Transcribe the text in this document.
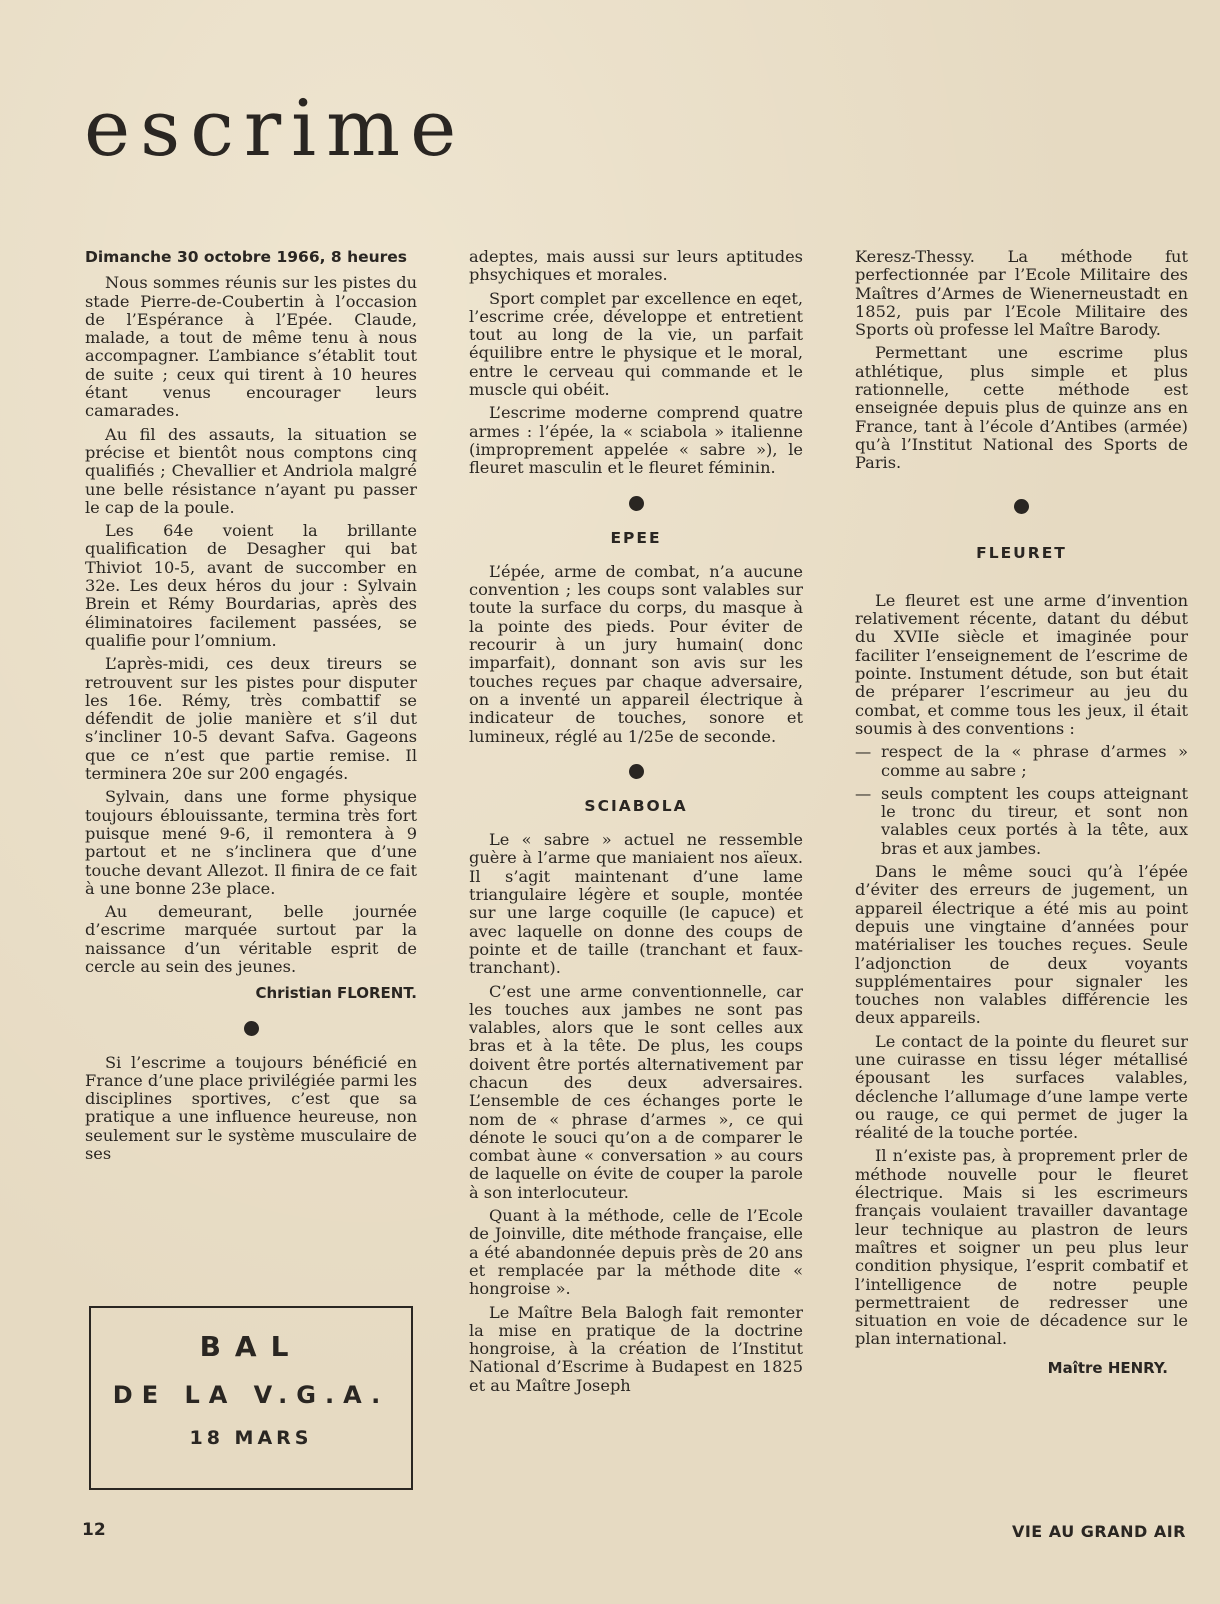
escrime

Dimanche 30 octobre 1966, 8 heures

Nous sommes réunis sur les pistes du stade Pierre-de-Coubertin à l’occasion de l’Espérance à l’Epée. Claude, malade, a tout de même tenu à nous accompagner. L’ambiance s’établit tout de suite ; ceux qui tirent à 10 heures étant venus encourager leurs camarades.

Au fil des assauts, la situation se précise et bientôt nous comptons cinq qualifiés ; Chevallier et Andriola malgré une belle résistance n’ayant pu passer le cap de la poule.

Les 64e voient la brillante qualification de Desagher qui bat Thiviot 10-5, avant de succomber en 32e. Les deux héros du jour : Sylvain Brein et Rémy Bourdarias, après des éliminatoires facilement passées, se qualifie pour l’omnium.

L’après-midi, ces deux tireurs se retrouvent sur les pistes pour disputer les 16e. Rémy, très combattif se défendit de jolie manière et s’il dut s’incliner 10-5 devant Safva. Gageons que ce n’est que partie remise. Il terminera 20e sur 200 engagés.

Sylvain, dans une forme physique toujours éblouissante, termina très fort puisque mené 9-6, il remontera à 9 partout et ne s’inclinera que d’une touche devant Allezot. Il finira de ce fait à une bonne 23e place.

Au demeurant, belle journée d’escrime marquée surtout par la naissance d’un véritable esprit de cercle au sein des jeunes.

Christian FLORENT.

Si l’escrime a toujours bénéficié en France d’une place privilégiée parmi les disciplines sportives, c’est que sa pratique a une influence heureuse, non seulement sur le système musculaire de ses

BAL
DE LA V.G.A.
18 MARS

adeptes, mais aussi sur leurs aptitudes phsychiques et morales.

Sport complet par excellence en eqet, l’escrime crée, développe et entretient tout au long de la vie, un parfait équilibre entre le physique et le moral, entre le cerveau qui commande et le muscle qui obéit.

L’escrime moderne comprend quatre armes : l’épée, la « sciabola » italienne (improprement appelée « sabre »), le fleuret masculin et le fleuret féminin.

EPEE

L’épée, arme de combat, n’a aucune convention ; les coups sont valables sur toute la surface du corps, du masque à la pointe des pieds. Pour éviter de recourir à un jury humain( donc imparfait), donnant son avis sur les touches reçues par chaque adversaire, on a inventé un appareil électrique à indicateur de touches, sonore et lumineux, réglé au 1/25e de seconde.

SCIABOLA

Le « sabre » actuel ne ressemble guère à l’arme que maniaient nos aïeux. Il s’agit maintenant d’une lame triangulaire légère et souple, montée sur une large coquille (le capuce) et avec laquelle on donne des coups de pointe et de taille (tranchant et faux-tranchant).

C’est une arme conventionnelle, car les touches aux jambes ne sont pas valables, alors que le sont celles aux bras et à la tête. De plus, les coups doivent être portés alternativement par chacun des deux adversaires. L’ensemble de ces échanges porte le nom de « phrase d’armes », ce qui dénote le souci qu’on a de comparer le combat àune « conversation » au cours de laquelle on évite de couper la parole à son interlocuteur.

Quant à la méthode, celle de l’Ecole de Joinville, dite méthode française, elle a été abandonnée depuis près de 20 ans et remplacée par la méthode dite « hongroise ».

Le Maître Bela Balogh fait remonter la mise en pratique de la doctrine hongroise, à la création de l’Institut National d’Escrime à Budapest en 1825 et au Maître Joseph

Keresz-Thessy. La méthode fut perfectionnée par l’Ecole Militaire des Maîtres d’Armes de Wienerneustadt en 1852, puis par l’Ecole Militaire des Sports où professe lel Maître Barody.

Permettant une escrime plus athlétique, plus simple et plus rationnelle, cette méthode est enseignée depuis plus de quinze ans en France, tant à l’école d’Antibes (armée) qu’à l’Institut National des Sports de Paris.

FLEURET

Le fleuret est une arme d’invention relativement récente, datant du début du XVIIe siècle et imaginée pour faciliter l’enseignement de l’escrime de pointe. Instument détude, son but était de préparer l’escrimeur au jeu du combat, et comme tous les jeux, il était soumis à des conventions :

— respect de la « phrase d’armes » comme au sabre ;

— seuls comptent les coups atteignant le tronc du tireur, et sont non valables ceux portés à la tête, aux bras et aux jambes.

Dans le même souci qu’à l’épée d’éviter des erreurs de jugement, un appareil électrique a été mis au point depuis une vingtaine d’années pour matérialiser les touches reçues. Seule l’adjonction de deux voyants supplémentaires pour signaler les touches non valables différencie les deux appareils.

Le contact de la pointe du fleuret sur une cuirasse en tissu léger métallisé épousant les surfaces valables, déclenche l’allumage d’une lampe verte ou rauge, ce qui permet de juger la réalité de la touche portée.

Il n’existe pas, à proprement prler de méthode nouvelle pour le fleuret électrique. Mais si les escrimeurs français voulaient travailler davantage leur technique au plastron de leurs maîtres et soigner un peu plus leur condition physique, l’esprit combatif et l’intelligence de notre peuple permettraient de redresser une situation en voie de décadence sur le plan international.

Maître HENRY.
12	VIE AU GRAND AIR
